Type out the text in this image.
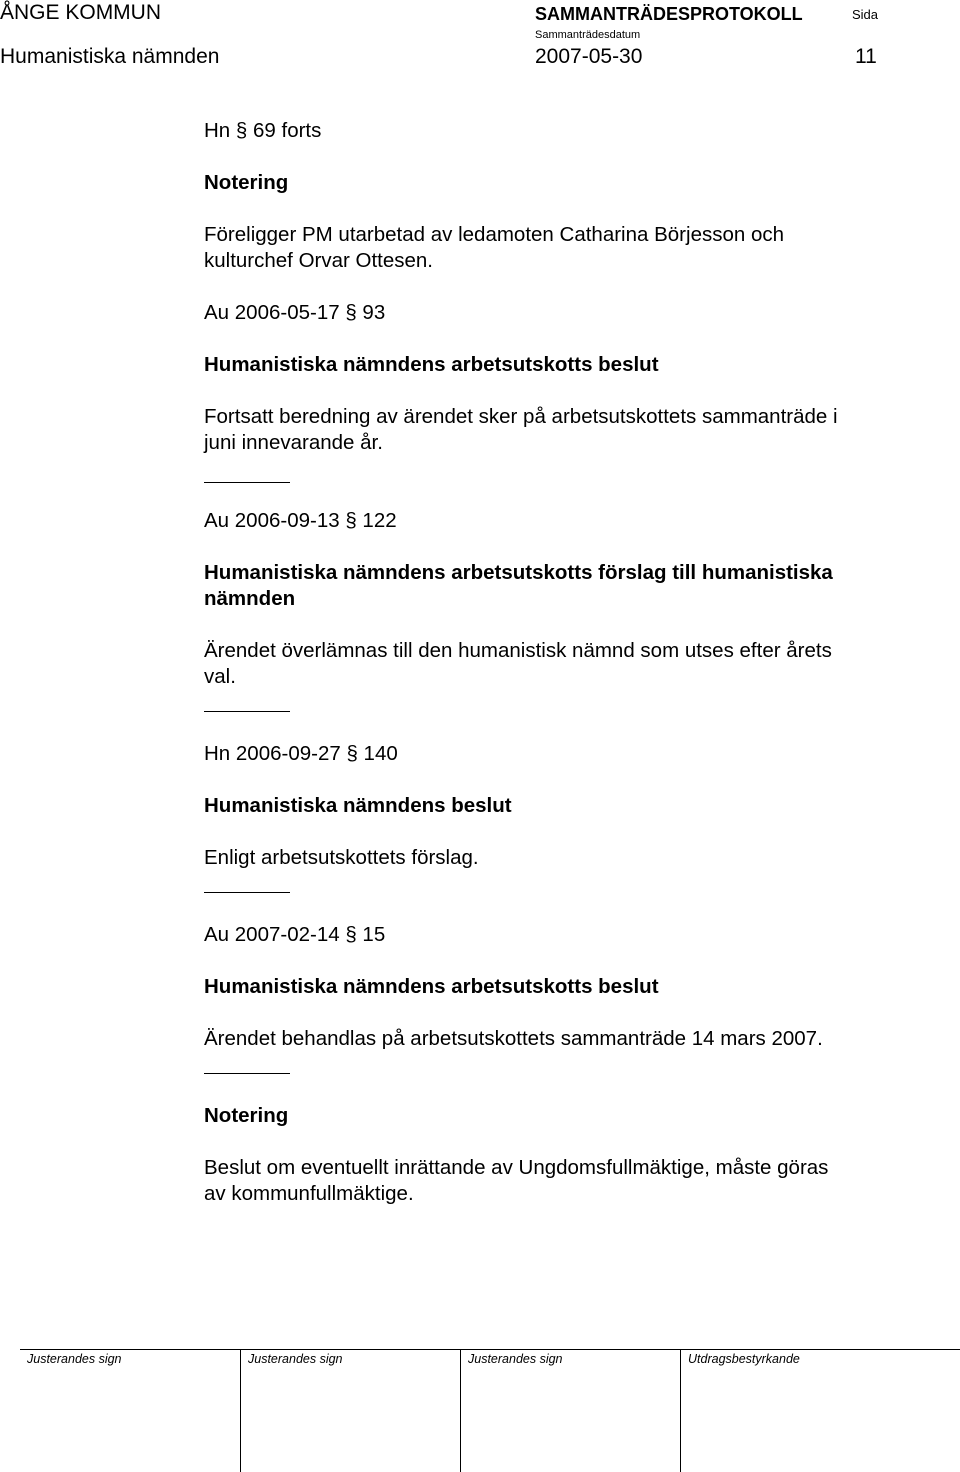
ÅNGE KOMMUN	SAMMANTRÄDESPROTOKOLL	Sida
Sammanträdesdatum
Humanistiska nämnden	2007-05-30	11
Hn § 69 forts
Notering
Föreligger PM utarbetad av ledamoten Catharina Börjesson och
kulturchef Orvar Ottesen.
Au 2006-05-17 § 93
Humanistiska nämndens arbetsutskotts beslut
Fortsatt beredning av ärendet sker på arbetsutskottets sammanträde i
juni innevarande år.
Au 2006-09-13 § 122
Humanistiska nämndens arbetsutskotts förslag till humanistiska
nämnden
Ärendet överlämnas till den humanistisk nämnd som utses efter årets
val.
Hn 2006-09-27 § 140
Humanistiska nämndens beslut
Enligt arbetsutskottets förslag.
Au 2007-02-14 § 15
Humanistiska nämndens arbetsutskotts beslut
Ärendet behandlas på arbetsutskottets sammanträde 14 mars 2007.
Notering
Beslut om eventuellt inrättande av Ungdomsfullmäktige, måste göras
av kommunfullmäktige.
Justerandes sign	Justerandes sign	Justerandes sign	Utdragsbestyrkande
